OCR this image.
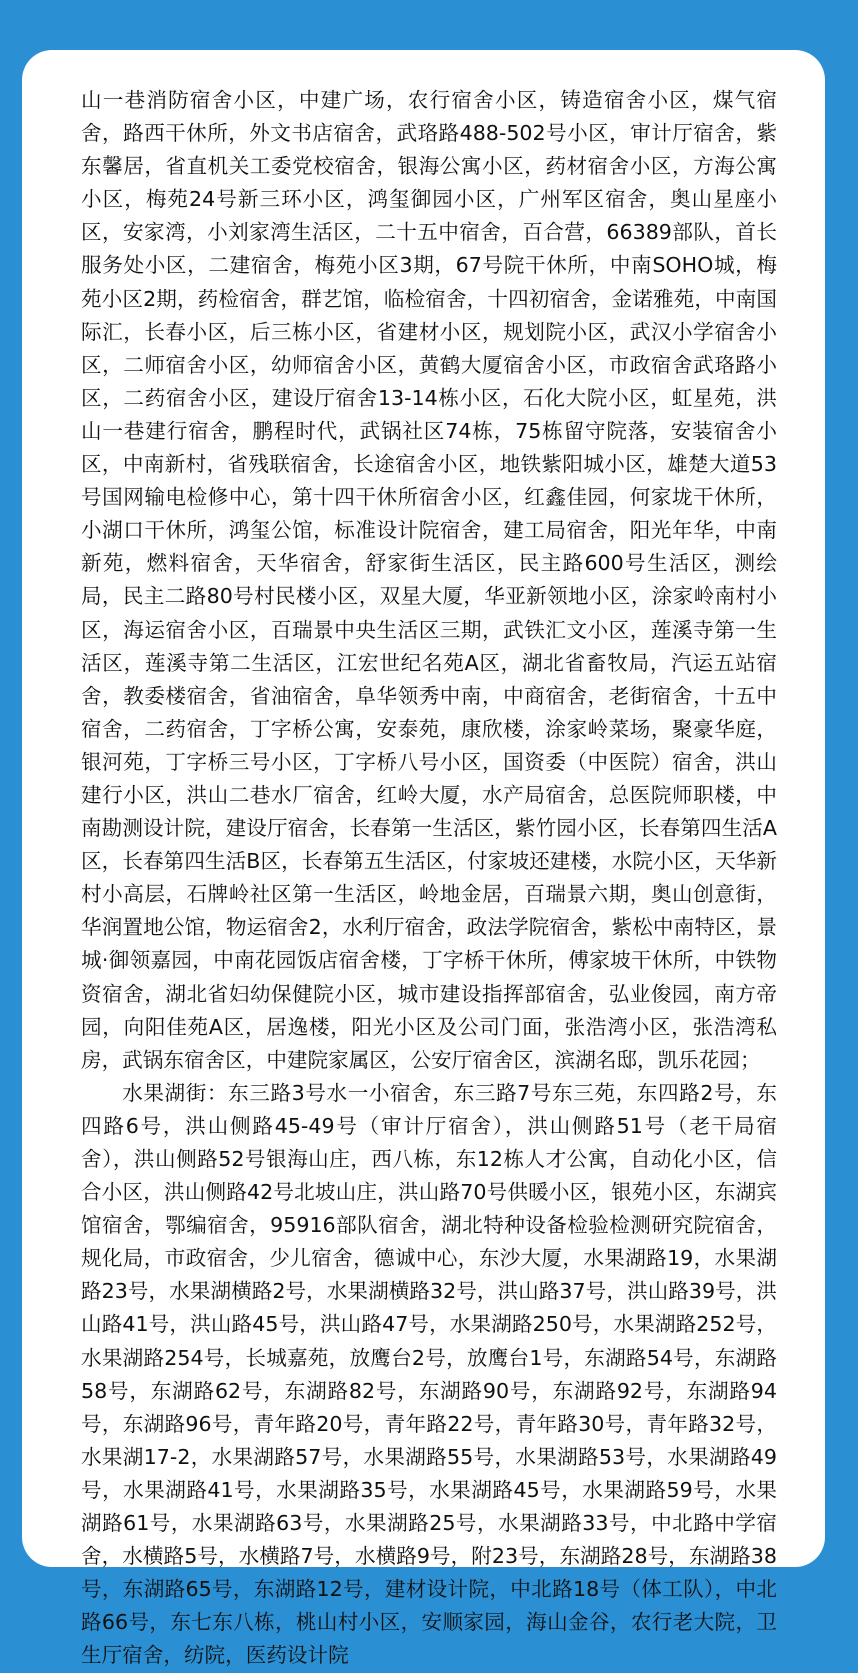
山一巷消防宿舍小区，中建广场，农行宿舍小区，铸造宿舍小区，煤气宿舍，路西干休所，外文书店宿舍，武珞路488-502号小区，审计厅宿舍，紫东馨居，省直机关工委党校宿舍，银海公寓小区，药材宿舍小区，方海公寓小区，梅苑24号新三环小区，鸿玺御园小区，广州军区宿舍，奥山星座小区，安家湾，小刘家湾生活区，二十五中宿舍，百合营，66389部队，首长服务处小区，二建宿舍，梅苑小区3期，67号院干休所，中南SOHO城，梅苑小区2期，药检宿舍，群艺馆，临检宿舍，十四初宿舍，金诺雅苑，中南国际汇，长春小区，后三栋小区，省建材小区，规划院小区，武汉小学宿舍小区，二师宿舍小区，幼师宿舍小区，黄鹤大厦宿舍小区，市政宿舍武珞路小区，二药宿舍小区，建设厅宿舍13-14栋小区，石化大院小区，虹星苑，洪山一巷建行宿舍，鹏程时代，武锅社区74栋，75栋留守院落，安装宿舍小区，中南新村，省残联宿舍，长途宿舍小区，地铁紫阳城小区，雄楚大道53号国网输电检修中心，第十四干休所宿舍小区，红鑫佳园，何家垅干休所，小湖口干休所，鸿玺公馆，标准设计院宿舍，建工局宿舍，阳光年华，中南新苑，燃料宿舍，天华宿舍，舒家街生活区，民主路600号生活区，测绘局，民主二路80号村民楼小区，双星大厦，华亚新领地小区，涂家岭南村小区，海运宿舍小区，百瑞景中央生活区三期，武铁汇文小区，莲溪寺第一生活区，莲溪寺第二生活区，江宏世纪名苑A区，湖北省畜牧局，汽运五站宿舍，教委楼宿舍，省油宿舍，阜华领秀中南，中商宿舍，老街宿舍，十五中宿舍，二药宿舍，丁字桥公寓，安泰苑，康欣楼，涂家岭菜场，聚豪华庭，银河苑，丁字桥三号小区，丁字桥八号小区，国资委（中医院）宿舍，洪山建行小区，洪山二巷水厂宿舍，红岭大厦，水产局宿舍，总医院师职楼，中南勘测设计院，建设厅宿舍，长春第一生活区，紫竹园小区，长春第四生活A区，长春第四生活B区，长春第五生活区，付家坡还建楼，水院小区，天华新村小高层，石牌岭社区第一生活区，岭地金居，百瑞景六期，奥山创意街，华润置地公馆，物运宿舍2，水利厅宿舍，政法学院宿舍，紫松中南特区，景城·御领嘉园，中南花园饭店宿舍楼，丁字桥干休所，傅家坡干休所，中铁物资宿舍，湖北省妇幼保健院小区，城市建设指挥部宿舍，弘业俊园，南方帝园，向阳佳苑A区，居逸楼，阳光小区及公司门面，张浩湾小区，张浩湾私房，武锅东宿舍区，中建院家属区，公安厅宿舍区，滨湖名邸，凯乐花园；

水果湖街：东三路3号水一小宿舍，东三路7号东三苑，东四路2号，东四路6号，洪山侧路45-49号（审计厅宿舍），洪山侧路51号（老干局宿舍），洪山侧路52号银海山庄，西八栋，东12栋人才公寓，自动化小区，信合小区，洪山侧路42号北坡山庄，洪山路70号供暖小区，银苑小区，东湖宾馆宿舍，鄂编宿舍，95916部队宿舍，湖北特种设备检验检测研究院宿舍，规化局，市政宿舍，少儿宿舍，德诚中心，东沙大厦，水果湖路19，水果湖路23号，水果湖横路2号，水果湖横路32号，洪山路37号，洪山路39号，洪山路41号，洪山路45号，洪山路47号，水果湖路250号，水果湖路252号，水果湖路254号，长城嘉苑，放鹰台2号，放鹰台1号，东湖路54号，东湖路58号，东湖路62号，东湖路82号，东湖路90号，东湖路92号，东湖路94号，东湖路96号，青年路20号，青年路22号，青年路30号，青年路32号，水果湖17-2，水果湖路57号，水果湖路55号，水果湖路53号，水果湖路49号，水果湖路41号，水果湖路35号，水果湖路45号，水果湖路59号，水果湖路61号，水果湖路63号，水果湖路25号，水果湖路33号，中北路中学宿舍，水横路5号，水横路7号，水横路9号，附23号，东湖路28号，东湖路38号，东湖路65号，东湖路12号，建材设计院，中北路18号（体工队），中北路66号，东七东八栋，桃山村小区，安顺家园，海山金谷，农行老大院，卫生厅宿舍，纺院，医药设计院
